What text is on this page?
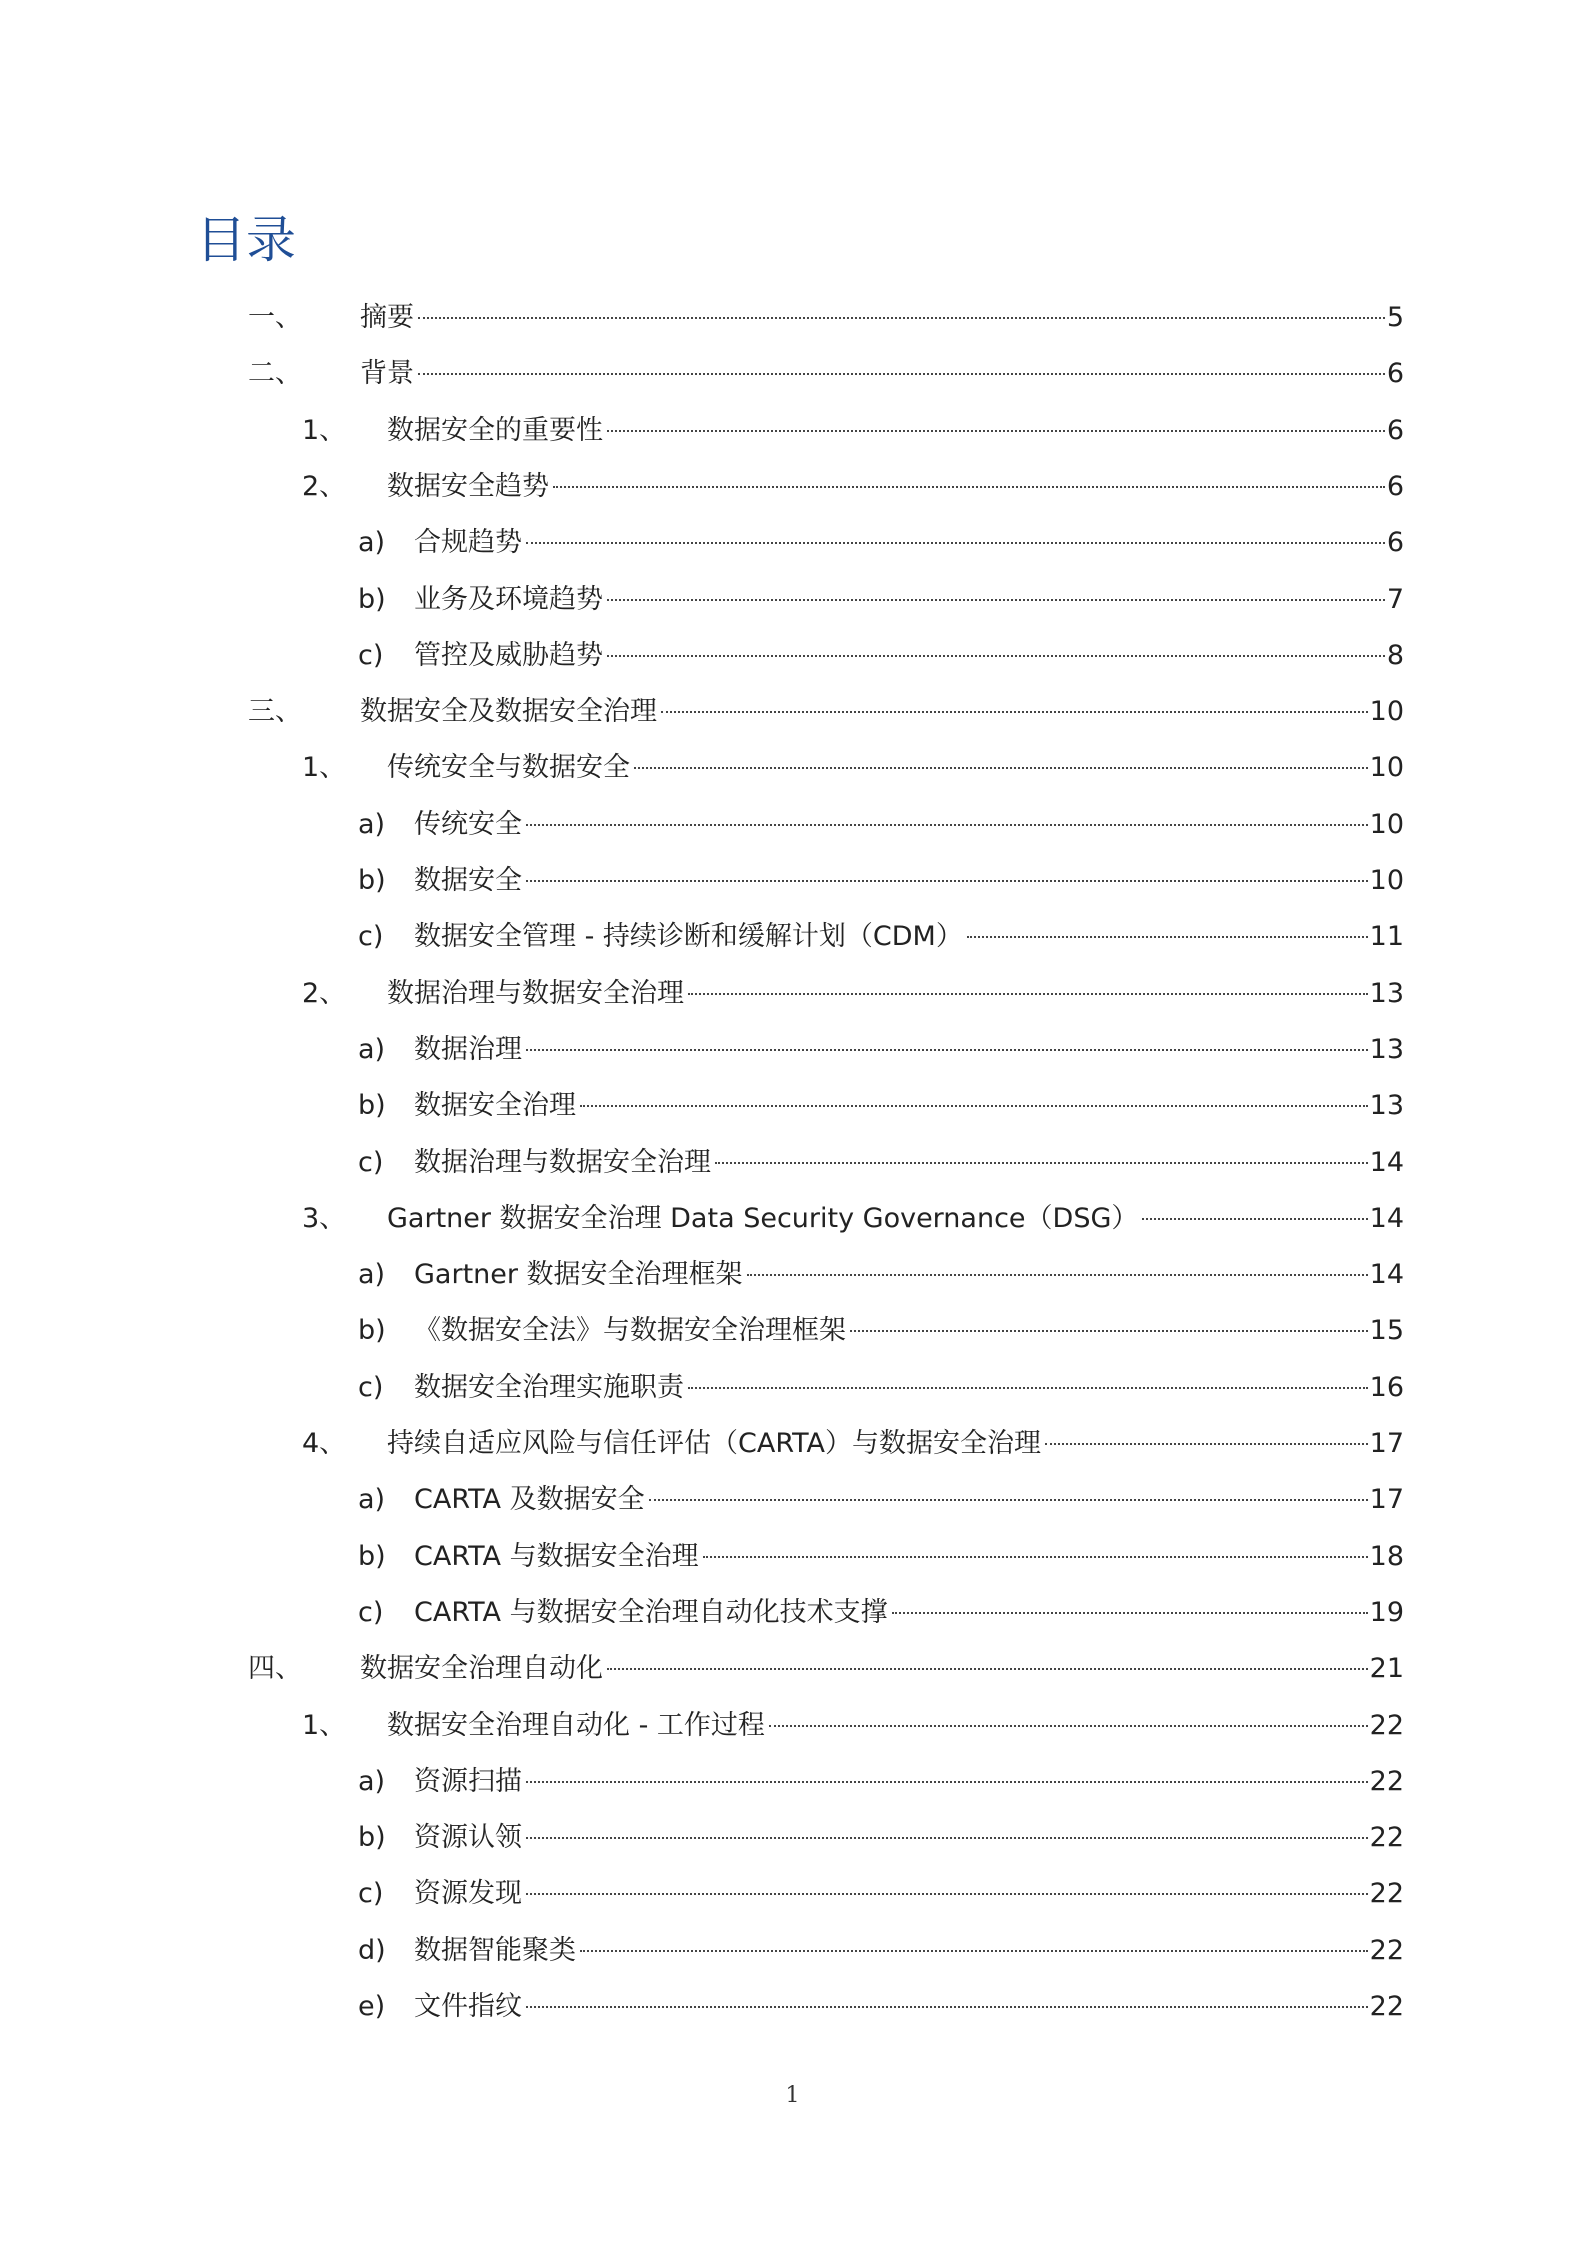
目录
一、	摘要	5
二、	背景	6
1、	数据安全的重要性	6
2、	数据安全趋势	6
a)	合规趋势	6
b)	业务及环境趋势	7
c)	管控及威胁趋势	8
三、	数据安全及数据安全治理	10
1、	传统安全与数据安全	10
a)	传统安全	10
b)	数据安全	10
c)	数据安全管理 - 持续诊断和缓解计划（CDM）	11
2、	数据治理与数据安全治理	13
a)	数据治理	13
b)	数据安全治理	13
c)	数据治理与数据安全治理	14
3、	Gartner 数据安全治理 Data Security Governance（DSG）	14
a)	Gartner 数据安全治理框架	14
b)	《数据安全法》与数据安全治理框架	15
c)	数据安全治理实施职责	16
4、	持续自适应风险与信任评估（CARTA）与数据安全治理	17
a)	CARTA 及数据安全	17
b)	CARTA 与数据安全治理	18
c)	CARTA 与数据安全治理自动化技术支撑	19
四、	数据安全治理自动化	21
1、	数据安全治理自动化 - 工作过程	22
a)	资源扫描	22
b)	资源认领	22
c)	资源发现	22
d)	数据智能聚类	22
e)	文件指纹	22
1
